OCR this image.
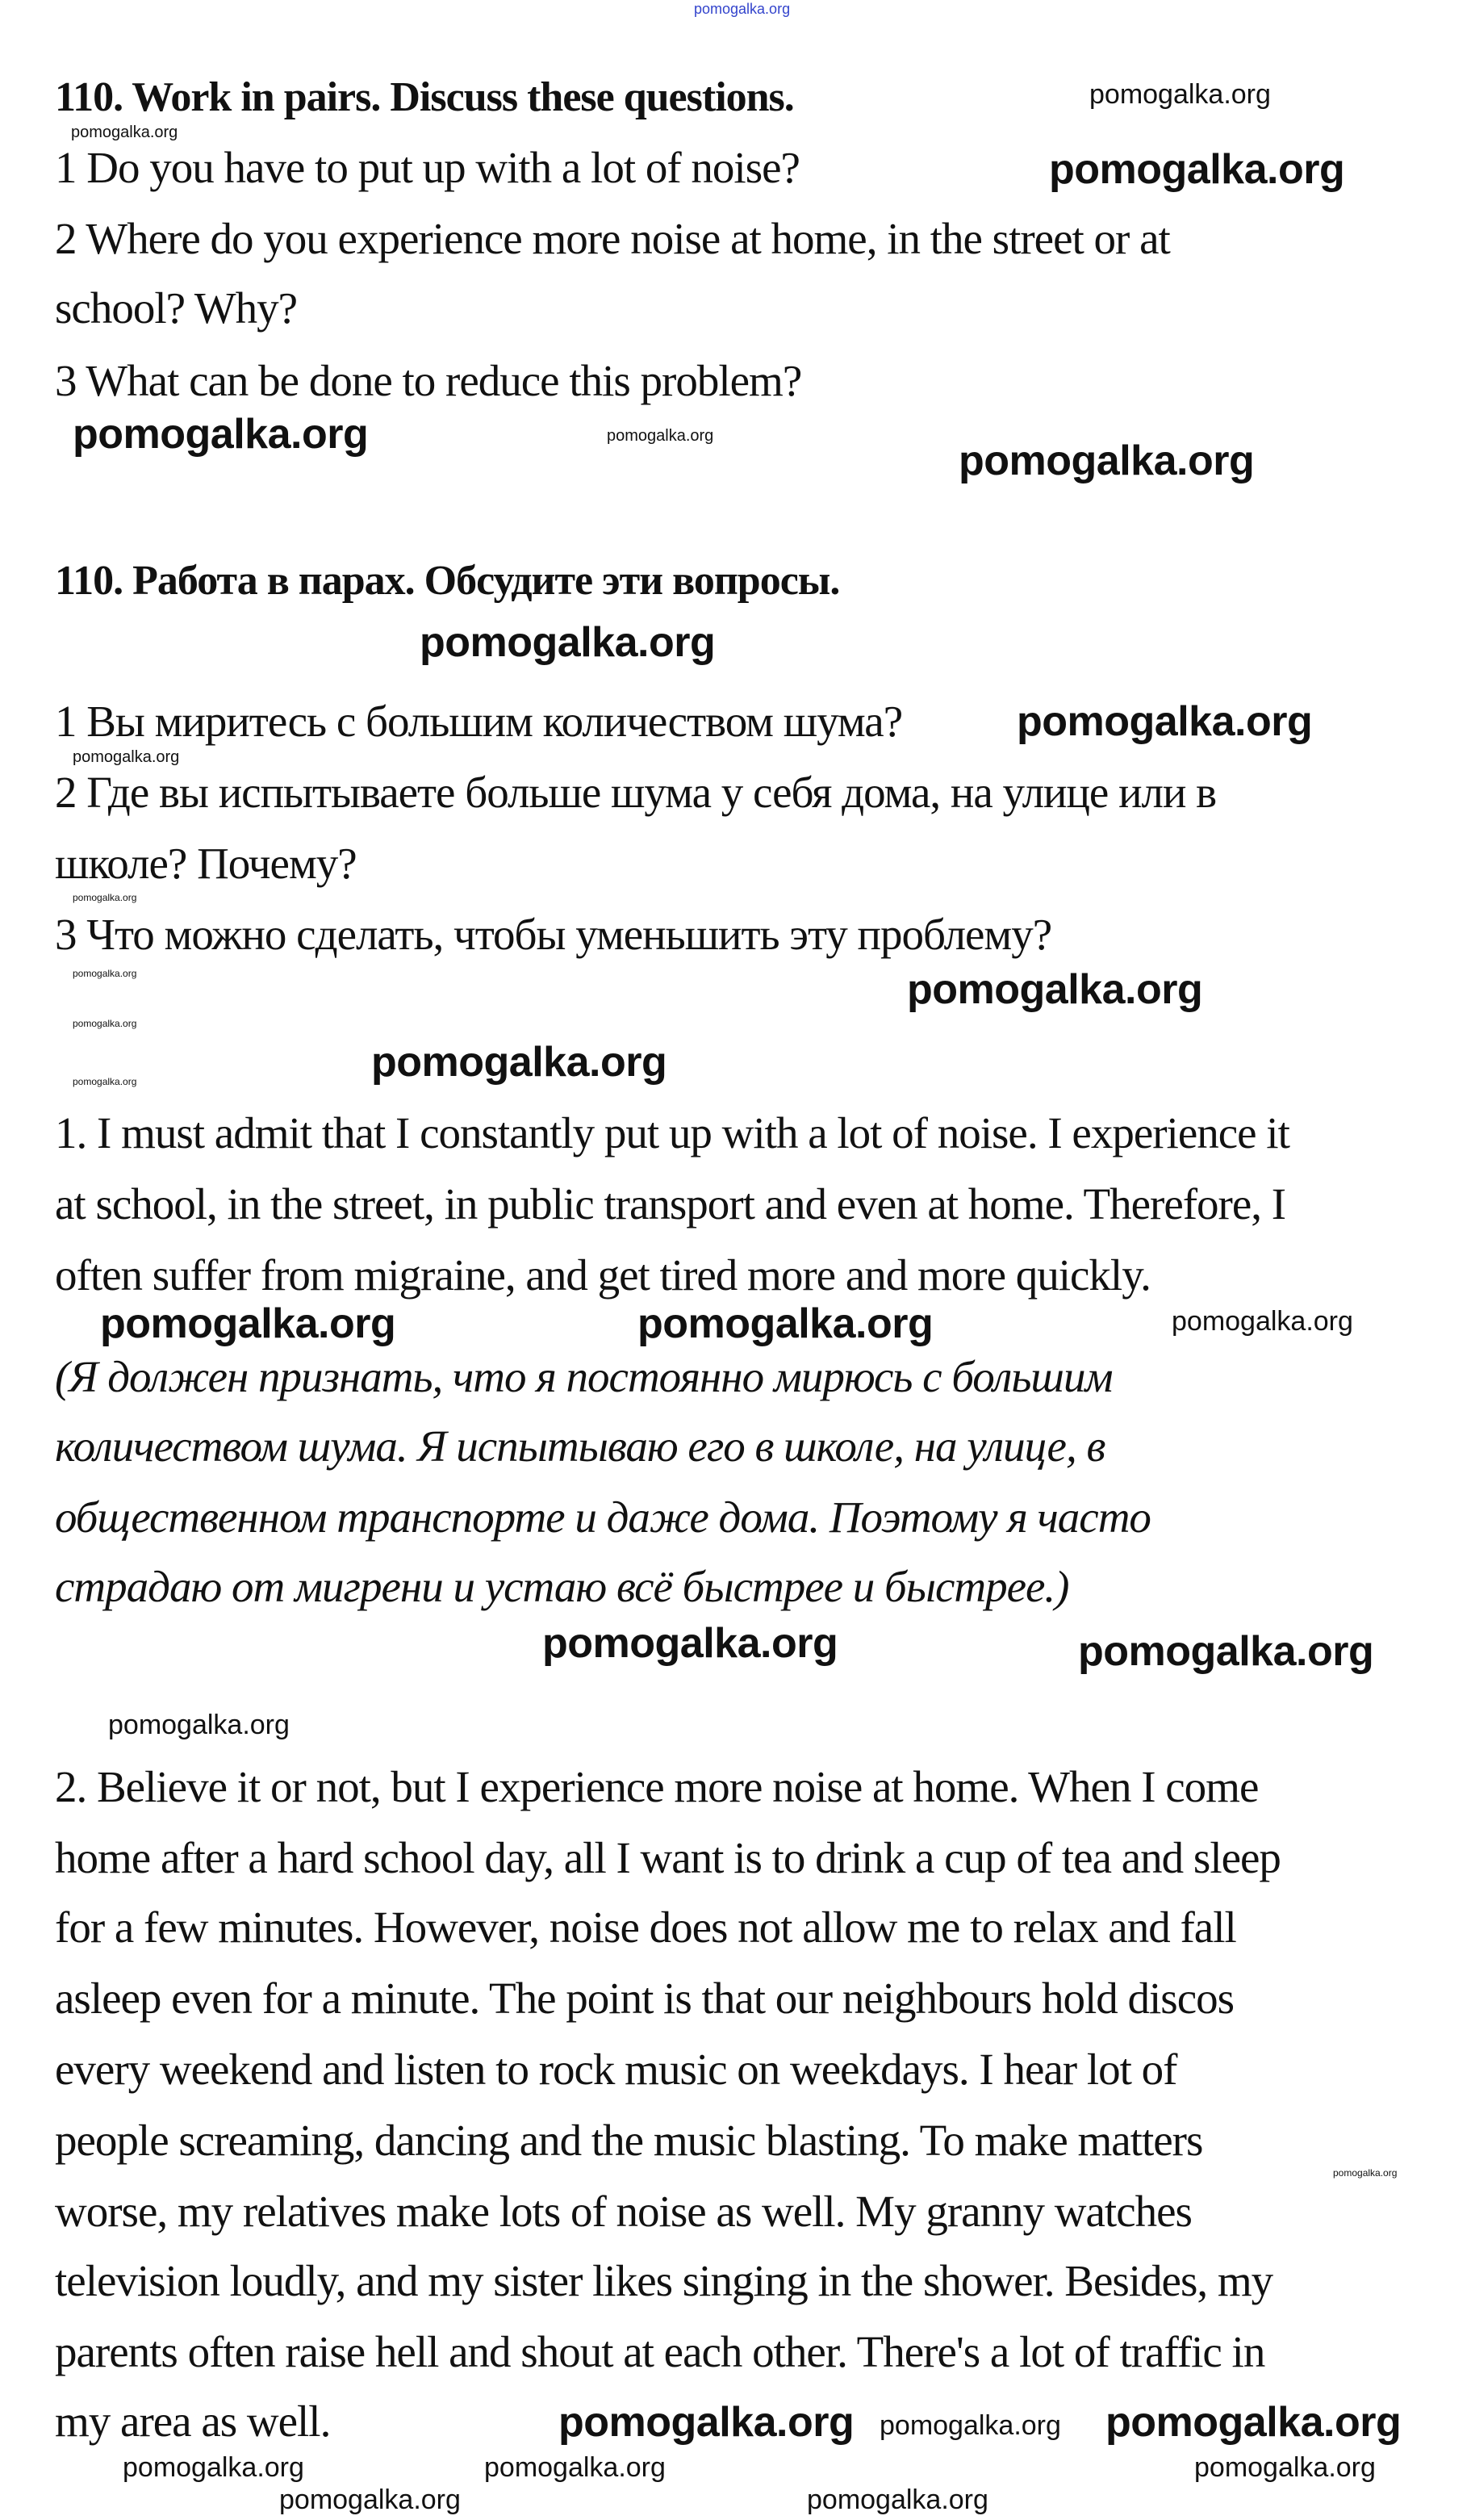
110. Work in pairs. Discuss these questions.
1 Do you have to put up with a lot of noise?
2 Where do you experience more noise at home, in the street or at
school? Why?
3 What can be done to reduce this problem?
110. Работа в парах. Обсудите эти вопросы.
1 Вы миритесь с большим количеством шума?
2 Где вы испытываете больше шума у себя дома, на улице или в
школе? Почему?
3 Что можно сделать, чтобы уменьшить эту проблему?
1. I must admit that I constantly put up with a lot of noise. I experience it
at school, in the street, in public transport and even at home. Therefore, I
often suffer from migraine, and get tired more and more quickly.
(Я должен признать, что я постоянно мирюсь с большим
количеством шума. Я испытываю его в школе, на улице, в
общественном транспорте и даже дома. Поэтому я часто
страдаю от мигрени и устаю всё быстрее и быстрее.)
2. Believe it or not, but I experience more noise at home. When I come
home after a hard school day, all I want is to drink a cup of tea and sleep
for a few minutes. However, noise does not allow me to relax and fall
asleep even for a minute. The point is that our neighbours hold discos
every weekend and listen to rock music on weekdays. I hear lot of
people screaming, dancing and the music blasting. To make matters
worse, my relatives make lots of noise as well. My granny watches
television loudly, and my sister likes singing in the shower. Besides, my
parents often raise hell and shout at each other. There's a lot of traffic in
my area as well.
pomogalka.org
pomogalka.org
pomogalka.org
pomogalka.org
pomogalka.org	pomogalka.org
pomogalka.org
pomogalka.org
pomogalka.org
pomogalka.org
pomogalka.org
pomogalka.org
pomogalka.org
pomogalka.org
pomogalka.org
pomogalka.org
pomogalka.org	pomogalka.org	pomogalka.org
pomogalka.org	pomogalka.org
pomogalka.org
pomogalka.org
pomogalka.org
pomogalka.org
pomogalka.org
pomogalka.org
pomogalka.org
pomogalka.org
pomogalka.org	pomogalka.org
